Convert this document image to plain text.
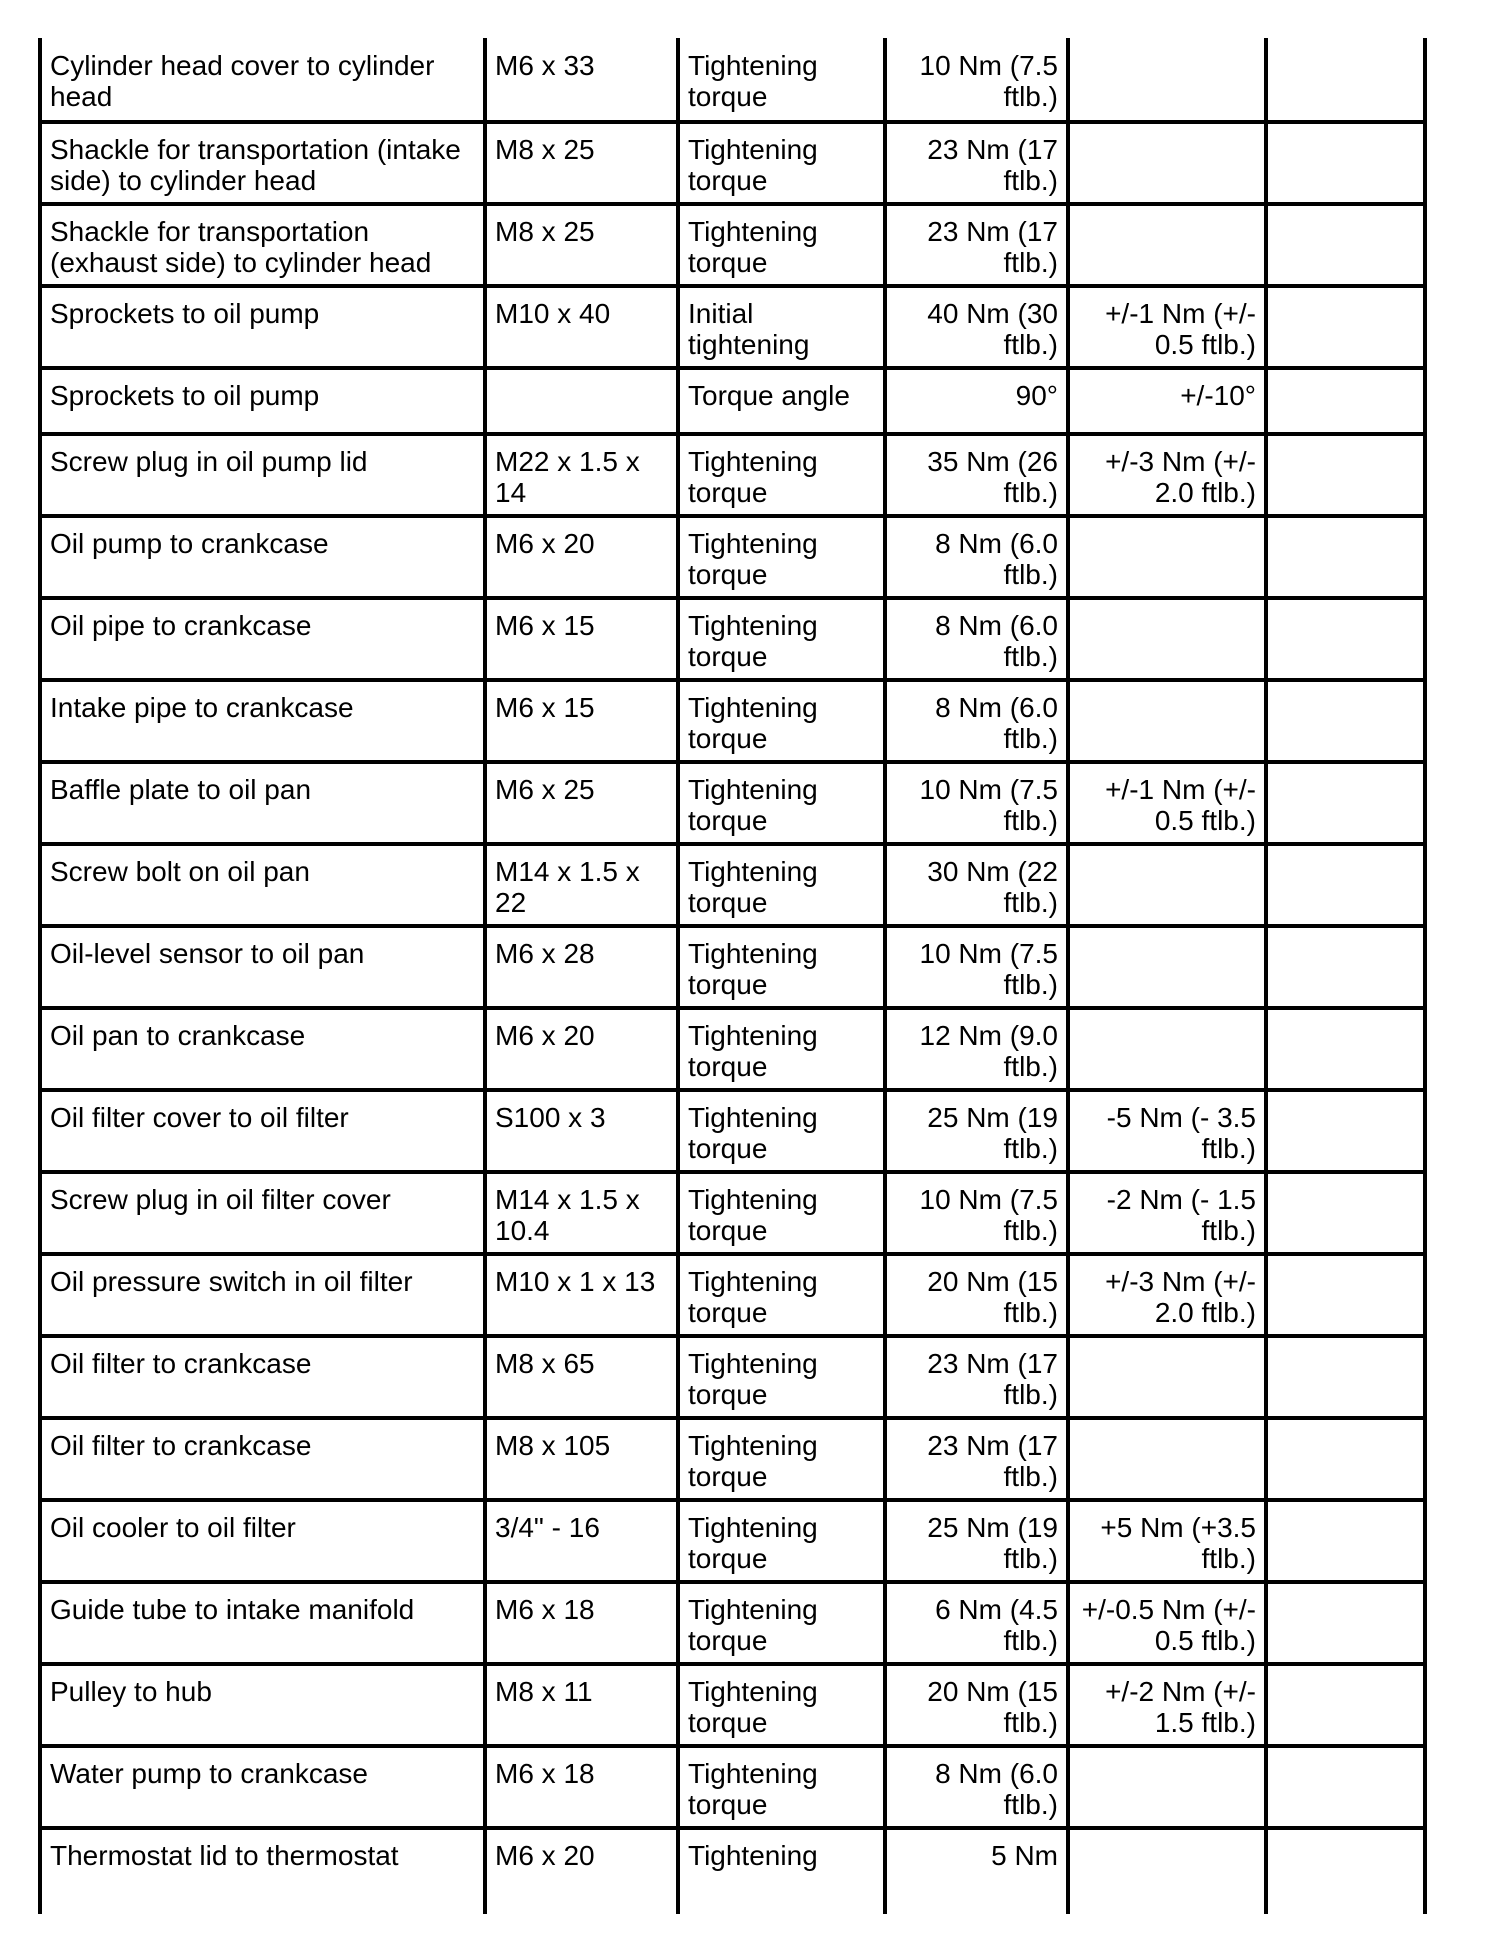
Cylinder head cover to cylinder head	M6 x 33	Tightening torque	10 Nm (7.5 ftlb.)		
Shackle for transportation (intake side) to cylinder head	M8 x 25	Tightening torque	23 Nm (17 ftlb.)		
Shackle for transportation (exhaust side) to cylinder head	M8 x 25	Tightening torque	23 Nm (17 ftlb.)		
Sprockets to oil pump	M10 x 40	Initial tightening	40 Nm (30 ftlb.)	+/-1 Nm (+/- 0.5 ftlb.)	
Sprockets to oil pump		Torque angle	90°	+/-10°	
Screw plug in oil pump lid	M22 x 1.5 x 14	Tightening torque	35 Nm (26 ftlb.)	+/-3 Nm (+/- 2.0 ftlb.)	
Oil pump to crankcase	M6 x 20	Tightening torque	8 Nm (6.0 ftlb.)		
Oil pipe to crankcase	M6 x 15	Tightening torque	8 Nm (6.0 ftlb.)		
Intake pipe to crankcase	M6 x 15	Tightening torque	8 Nm (6.0 ftlb.)		
Baffle plate to oil pan	M6 x 25	Tightening torque	10 Nm (7.5 ftlb.)	+/-1 Nm (+/- 0.5 ftlb.)	
Screw bolt on oil pan	M14 x 1.5 x 22	Tightening torque	30 Nm (22 ftlb.)		
Oil-level sensor to oil pan	M6 x 28	Tightening torque	10 Nm (7.5 ftlb.)		
Oil pan to crankcase	M6 x 20	Tightening torque	12 Nm (9.0 ftlb.)		
Oil filter cover to oil filter	S100 x 3	Tightening torque	25 Nm (19 ftlb.)	-5 Nm (- 3.5 ftlb.)	
Screw plug in oil filter cover	M14 x 1.5 x 10.4	Tightening torque	10 Nm (7.5 ftlb.)	-2 Nm (- 1.5 ftlb.)	
Oil pressure switch in oil filter	M10 x 1 x 13	Tightening torque	20 Nm (15 ftlb.)	+/-3 Nm (+/- 2.0 ftlb.)	
Oil filter to crankcase	M8 x 65	Tightening torque	23 Nm (17 ftlb.)		
Oil filter to crankcase	M8 x 105	Tightening torque	23 Nm (17 ftlb.)		
Oil cooler to oil filter	3/4" - 16	Tightening torque	25 Nm (19 ftlb.)	+5 Nm (+3.5 ftlb.)	
Guide tube to intake manifold	M6 x 18	Tightening torque	6 Nm (4.5 ftlb.)	+/-0.5 Nm (+/- 0.5 ftlb.)	
Pulley to hub	M8 x 11	Tightening torque	20 Nm (15 ftlb.)	+/-2 Nm (+/- 1.5 ftlb.)	
Water pump to crankcase	M6 x 18	Tightening torque	8 Nm (6.0 ftlb.)		
Thermostat lid to thermostat	M6 x 20	Tightening	5 Nm		
